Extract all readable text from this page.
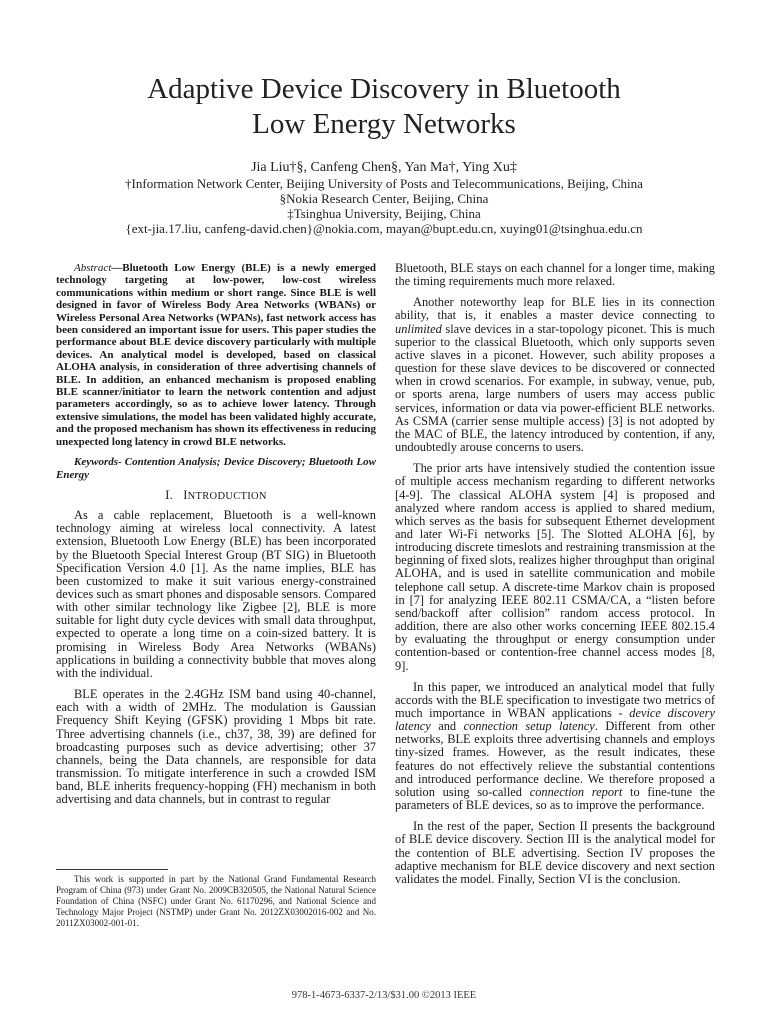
Adaptive Device Discovery in Bluetooth
Low Energy Networks
Jia Liu†§, Canfeng Chen§, Yan Ma†, Ying Xu‡
†Information Network Center, Beijing University of Posts and Telecommunications, Beijing, China
§Nokia Research Center, Beijing, China
‡Tsinghua University, Beijing, China
{ext-jia.17.liu, canfeng-david.chen}@nokia.com, mayan@bupt.edu.cn, xuying01@tsinghua.edu.cn

Abstract—Bluetooth Low Energy (BLE) is a newly emerged technology targeting at low-power, low-cost wireless communications within medium or short range. Since BLE is well designed in favor of Wireless Body Area Networks (WBANs) or Wireless Personal Area Networks (WPANs), fast network access has been considered an important issue for users. This paper studies the performance about BLE device discovery particularly with multiple devices. An analytical model is developed, based on classical ALOHA analysis, in consideration of three advertising channels of BLE. In addition, an enhanced mechanism is proposed enabling BLE scanner/initiator to learn the network contention and adjust parameters accordingly, so as to achieve lower latency. Through extensive simulations, the model has been validated highly accurate, and the proposed mechanism has shown its effectiveness in reducing unexpected long latency in crowd BLE networks.

Keywords- Contention Analysis; Device Discovery; Bluetooth Low Energy

I. INTRODUCTION

As a cable replacement, Bluetooth is a well-known technology aiming at wireless local connectivity. A latest extension, Bluetooth Low Energy (BLE) has been incorporated by the Bluetooth Special Interest Group (BT SIG) in Bluetooth Specification Version 4.0 [1]. As the name implies, BLE has been customized to make it suit various energy-constrained devices such as smart phones and disposable sensors. Compared with other similar technology like Zigbee [2], BLE is more suitable for light duty cycle devices with small data throughput, expected to operate a long time on a coin-sized battery. It is promising in Wireless Body Area Networks (WBANs) applications in building a connectivity bubble that moves along with the individual.

BLE operates in the 2.4GHz ISM band using 40-channel, each with a width of 2MHz. The modulation is Gaussian Frequency Shift Keying (GFSK) providing 1 Mbps bit rate. Three advertising channels (i.e., ch37, 38, 39) are defined for broadcasting purposes such as device advertising; other 37 channels, being the Data channels, are responsible for data transmission. To mitigate interference in such a crowded ISM band, BLE inherits frequency-hopping (FH) mechanism in both advertising and data channels, but in contrast to regular

This work is supported in part by the National Grand Fundamental Research Program of China (973) under Grant No. 2009CB320505, the National Natural Science Foundation of China (NSFC) under Grant No. 61170296, and National Science and Technology Major Project (NSTMP) under Grant No. 2012ZX03002016-002 and No. 2011ZX03002-001-01.

Bluetooth, BLE stays on each channel for a longer time, making the timing requirements much more relaxed.

Another noteworthy leap for BLE lies in its connection ability, that is, it enables a master device connecting to unlimited slave devices in a star-topology piconet. This is much superior to the classical Bluetooth, which only supports seven active slaves in a piconet. However, such ability proposes a question for these slave devices to be discovered or connected when in crowd scenarios. For example, in subway, venue, pub, or sports arena, large numbers of users may access public services, information or data via power-efficient BLE networks. As CSMA (carrier sense multiple access) [3] is not adopted by the MAC of BLE, the latency introduced by contention, if any, undoubtedly arouse concerns to users.

The prior arts have intensively studied the contention issue of multiple access mechanism regarding to different networks [4-9]. The classical ALOHA system [4] is proposed and analyzed where random access is applied to shared medium, which serves as the basis for subsequent Ethernet development and later Wi-Fi networks [5]. The Slotted ALOHA [6], by introducing discrete timeslots and restraining transmission at the beginning of fixed slots, realizes higher throughput than original ALOHA, and is used in satellite communication and mobile telephone call setup. A discrete-time Markov chain is proposed in [7] for analyzing IEEE 802.11 CSMA/CA, a “listen before send/backoff after collision” random access protocol. In addition, there are also other works concerning IEEE 802.15.4 by evaluating the throughput or energy consumption under contention-based or contention-free channel access modes [8, 9].

In this paper, we introduced an analytical model that fully accords with the BLE specification to investigate two metrics of much importance in WBAN applications - device discovery latency and connection setup latency. Different from other networks, BLE exploits three advertising channels and employs tiny-sized frames. However, as the result indicates, these features do not effectively relieve the substantial contentions and introduced performance decline. We therefore proposed a solution using so-called connection report to fine-tune the parameters of BLE devices, so as to improve the performance.

In the rest of the paper, Section II presents the background of BLE device discovery. Section III is the analytical model for the contention of BLE advertising. Section IV proposes the adaptive mechanism for BLE device discovery and next section validates the model. Finally, Section VI is the conclusion.

978-1-4673-6337-2/13/$31.00 ©2013 IEEE
